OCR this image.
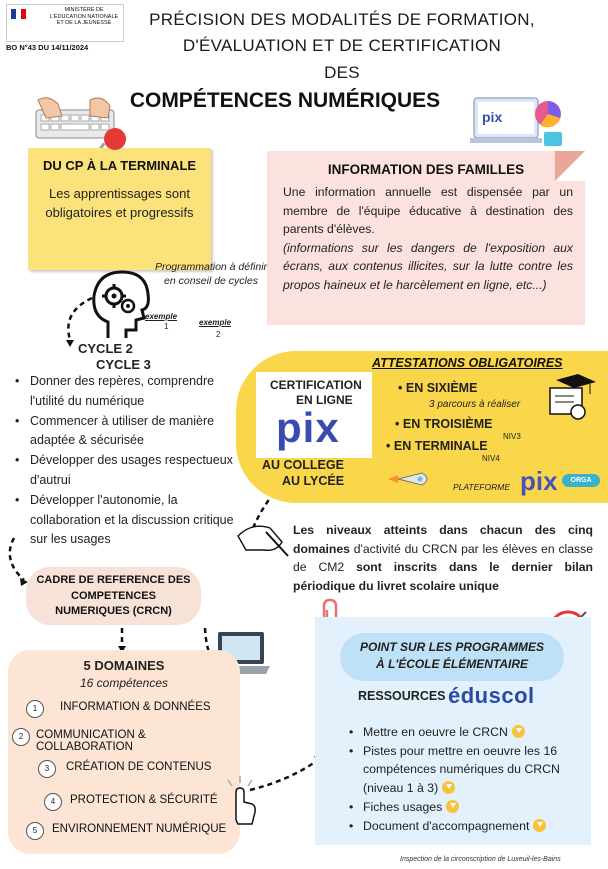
MINISTÈRE DE L'ÉDUCATION NATIONALE ET DE LA JEUNESSE
BO N°43 DU 14/11/2024
PRÉCISION DES MODALITÉS DE FORMATION,
D'ÉVALUATION ET DE CERTIFICATION
DES
COMPÉTENCES NUMÉRIQUES
pix
DU CP À LA TERMINALE
Les apprentissages sont obligatoires et progressifs
INFORMATION DES FAMILLES
Une information annuelle est dispensée par un membre de l'équipe éducative à destination des parents d'élèves.
(informations sur les dangers de l'exposition aux écrans, aux contenus illicites, sur la lutte contre les propos haineux et le harcèlement en ligne, etc...)
Programmation à définir en conseil de cycles
exemple
1	exemple
2
CYCLE 2
CYCLE 3
• Donner des repères, comprendre l'utilité du numérique
• Commencer à utiliser de manière adaptée & sécurisée
• Développer des usages respectueux d'autrui
• Développer l'autonomie, la collaboration et la discussion critique sur les usages
ATTESTATIONS OBLIGATOIRES
CERTIFICATION
EN LIGNE
pix
• EN SIXIÈME
3 parcours à réaliser
• EN TROISIÈME
NIV3
• EN TERMINALE
NIV4
AU COLLEGE
AU LYCÉE	PLATEFORME pix	ORGA
Les niveaux atteints dans chacun des cinq domaines d'activité du CRCN par les élèves en classe de CM2 sont inscrits dans le dernier bilan périodique du livret scolaire unique
CADRE DE REFERENCE DES
COMPETENCES
NUMERIQUES (CRCN)
5 DOMAINES
16 compétences
1	INFORMATION & DONNÉES
2	COMMUNICATION & COLLABORATION
3	CRÉATION DE CONTENUS
4	PROTECTION & SÉCURITÉ
5	ENVIRONNEMENT NUMÉRIQUE
POINT SUR LES PROGRAMMES
À L'ÉCOLE ÉLÉMENTAIRE
RESSOURCES éduscol
• Mettre en oeuvre le CRCN
• Pistes pour mettre en oeuvre les 16 compétences numériques du CRCN (niveau 1 à 3)
• Fiches usages
• Document d'accompagnement
Inspection de la circonscription de Luxeuil-les-Bains
